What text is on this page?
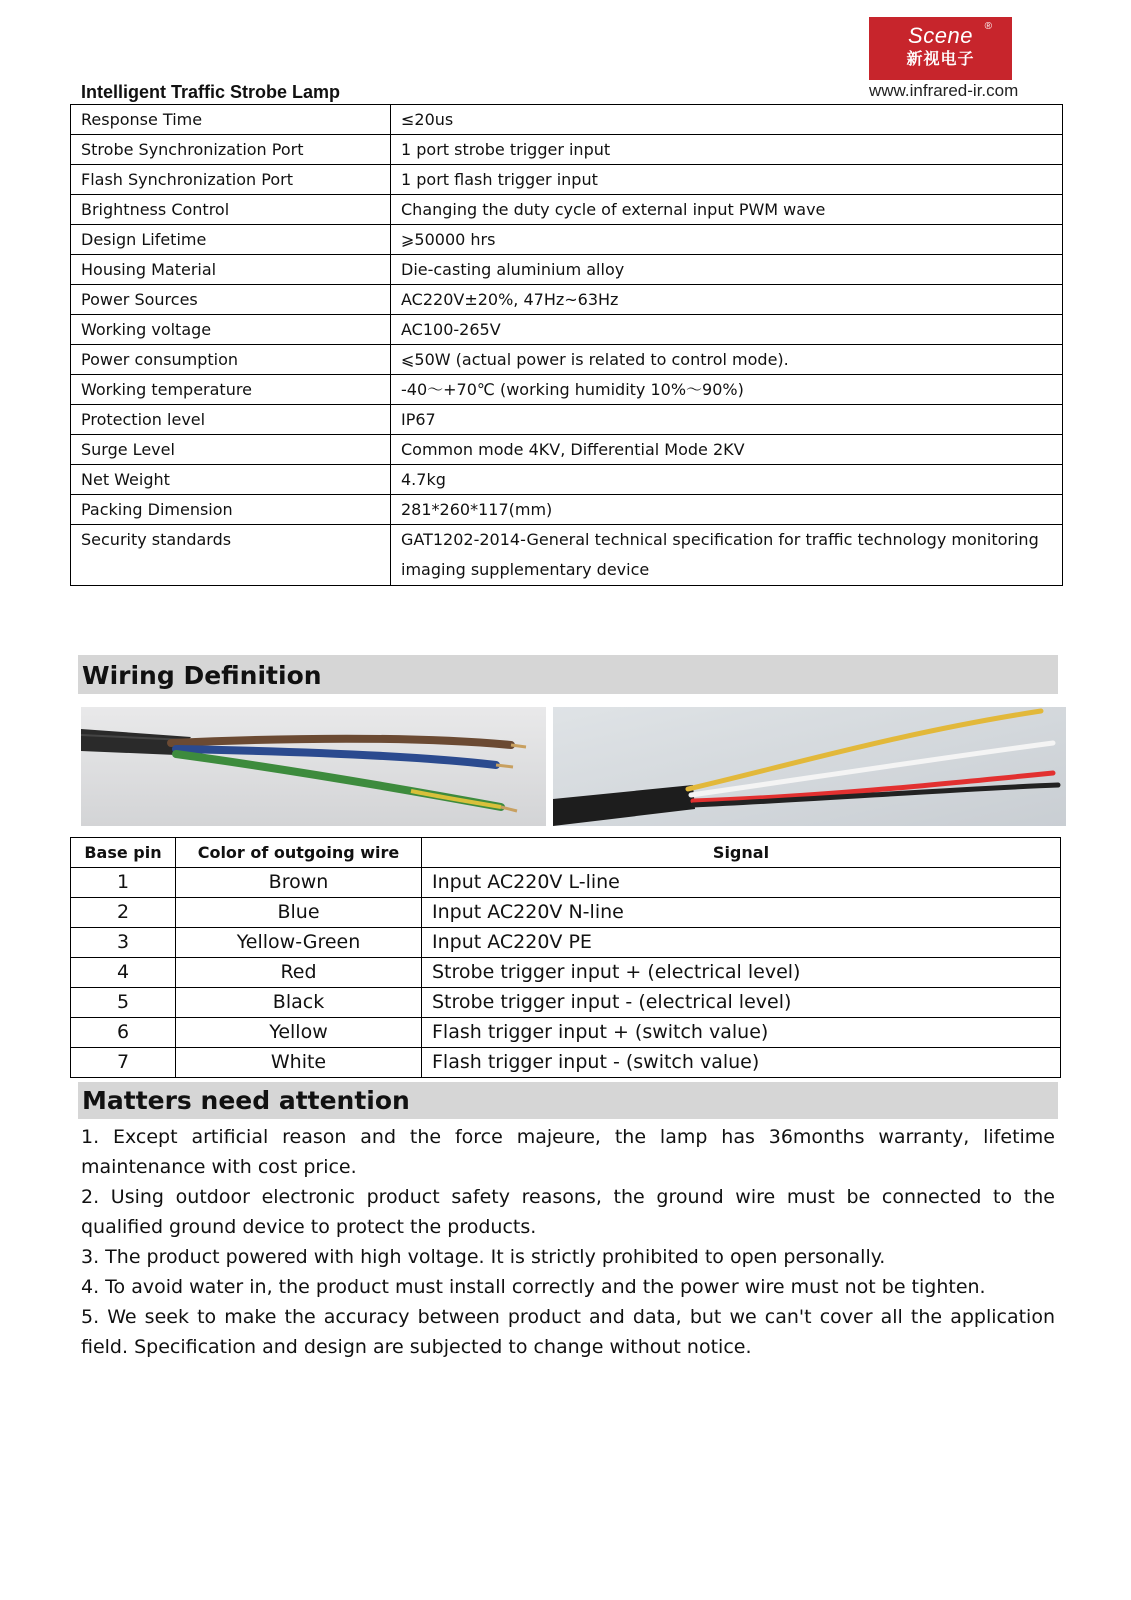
Scene	®
新视电子
www.infrared-ir.com
Intelligent Traffic Strobe Lamp
Response Time	≤20us
Strobe Synchronization Port	1 port strobe trigger input
Flash Synchronization Port	1 port flash trigger input
Brightness Control	Changing the duty cycle of external input PWM wave
Design Lifetime	⩾50000 hrs
Housing Material	Die-casting aluminium alloy
Power Sources	AC220V±20%, 47Hz~63Hz
Working voltage	AC100-265V
Power consumption	⩽50W (actual power is related to control mode).
Working temperature	-40～+70℃ (working humidity 10%～90%)
Protection level	IP67
Surge Level	Common mode 4KV, Differential Mode 2KV
Net Weight	4.7kg
Packing Dimension	281*260*117(mm)
Security standards	GAT1202-2014-General technical specification for traffic technology monitoring imaging supplementary device
Wiring Definition
Base pin	Color of outgoing wire	Signal
1	Brown	Input AC220V L-line
2	Blue	Input AC220V N-line
3	Yellow-Green	Input AC220V PE
4	Red	Strobe trigger input + (electrical level)
5	Black	Strobe trigger input - (electrical level)
6	Yellow	Flash trigger input + (switch value)
7	White	Flash trigger input - (switch value)
Matters need attention

1. Except artificial reason and the force majeure, the lamp has 36months warranty, lifetime maintenance with cost price.

2. Using outdoor electronic product safety reasons, the ground wire must be connected to the qualified ground device to protect the products.

3. The product powered with high voltage. It is strictly prohibited to open personally.

4. To avoid water in, the product must install correctly and the power wire must not be tighten.

5. We seek to make the accuracy between product and data, but we can't cover all the application field. Specification and design are subjected to change without notice.
